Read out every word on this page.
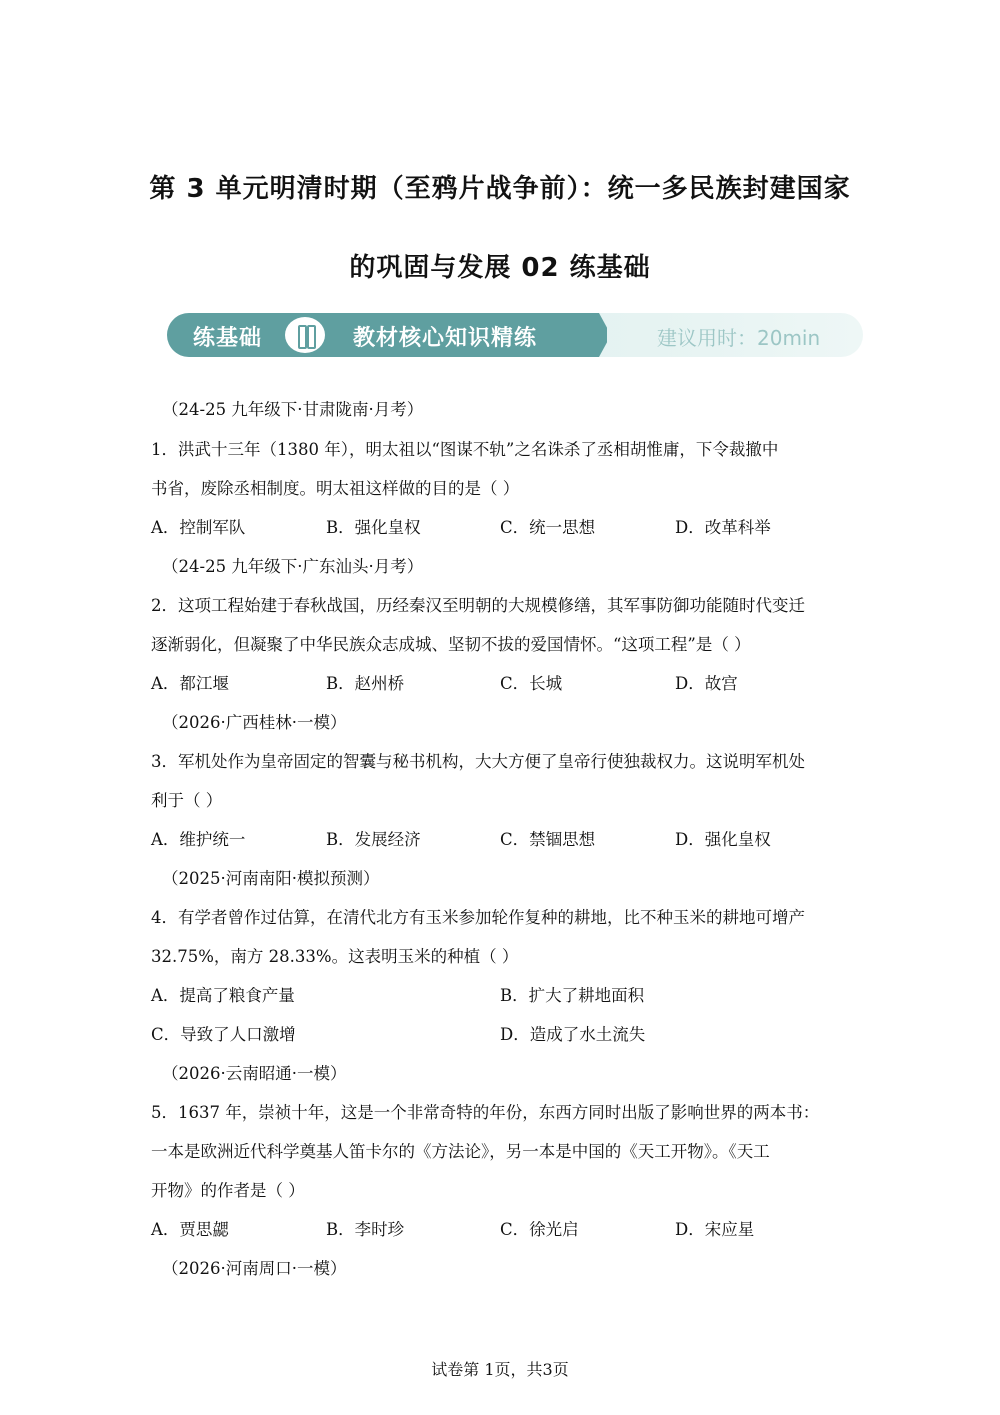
第 3 单元明清时期（至鸦片战争前）：统一多民族封建国家
的巩固与发展 02 练基础
练基础	教材核心知识精练	建议用时：20min
（24-25 九年级下·甘肃陇南·月考）
1．洪武十三年（1380 年），明太祖以“图谋不轨”之名诛杀了丞相胡惟庸，下令裁撤中
书省，废除丞相制度。明太祖这样做的目的是（ ）
A．控制军队	B．强化皇权	C．统一思想	D．改革科举
（24-25 九年级下·广东汕头·月考）
2．这项工程始建于春秋战国，历经秦汉至明朝的大规模修缮，其军事防御功能随时代变迁
逐渐弱化，但凝聚了中华民族众志成城、坚韧不拔的爱国情怀。“这项工程”是（ ）
A．都江堰	B．赵州桥	C．长城	D．故宫
（2026·广西桂林·一模）
3．军机处作为皇帝固定的智囊与秘书机构，大大方便了皇帝行使独裁权力。这说明军机处
利于（ ）
A．维护统一	B．发展经济	C．禁锢思想	D．强化皇权
（2025·河南南阳·模拟预测）
4．有学者曾作过估算，在清代北方有玉米参加轮作复种的耕地，比不种玉米的耕地可增产
32.75%，南方 28.33%。这表明玉米的种植（ ）
A．提高了粮食产量	B．扩大了耕地面积
C．导致了人口激增	D．造成了水土流失
（2026·云南昭通·一模）
5．1637 年，崇祯十年，这是一个非常奇特的年份，东西方同时出版了影响世界的两本书：
一本是欧洲近代科学奠基人笛卡尔的《方法论》，另一本是中国的《天工开物》。《天工
开物》的作者是（ ）
A．贾思勰	B．李时珍	C．徐光启	D．宋应星
（2026·河南周口·一模）
试卷第 1页，共3页
